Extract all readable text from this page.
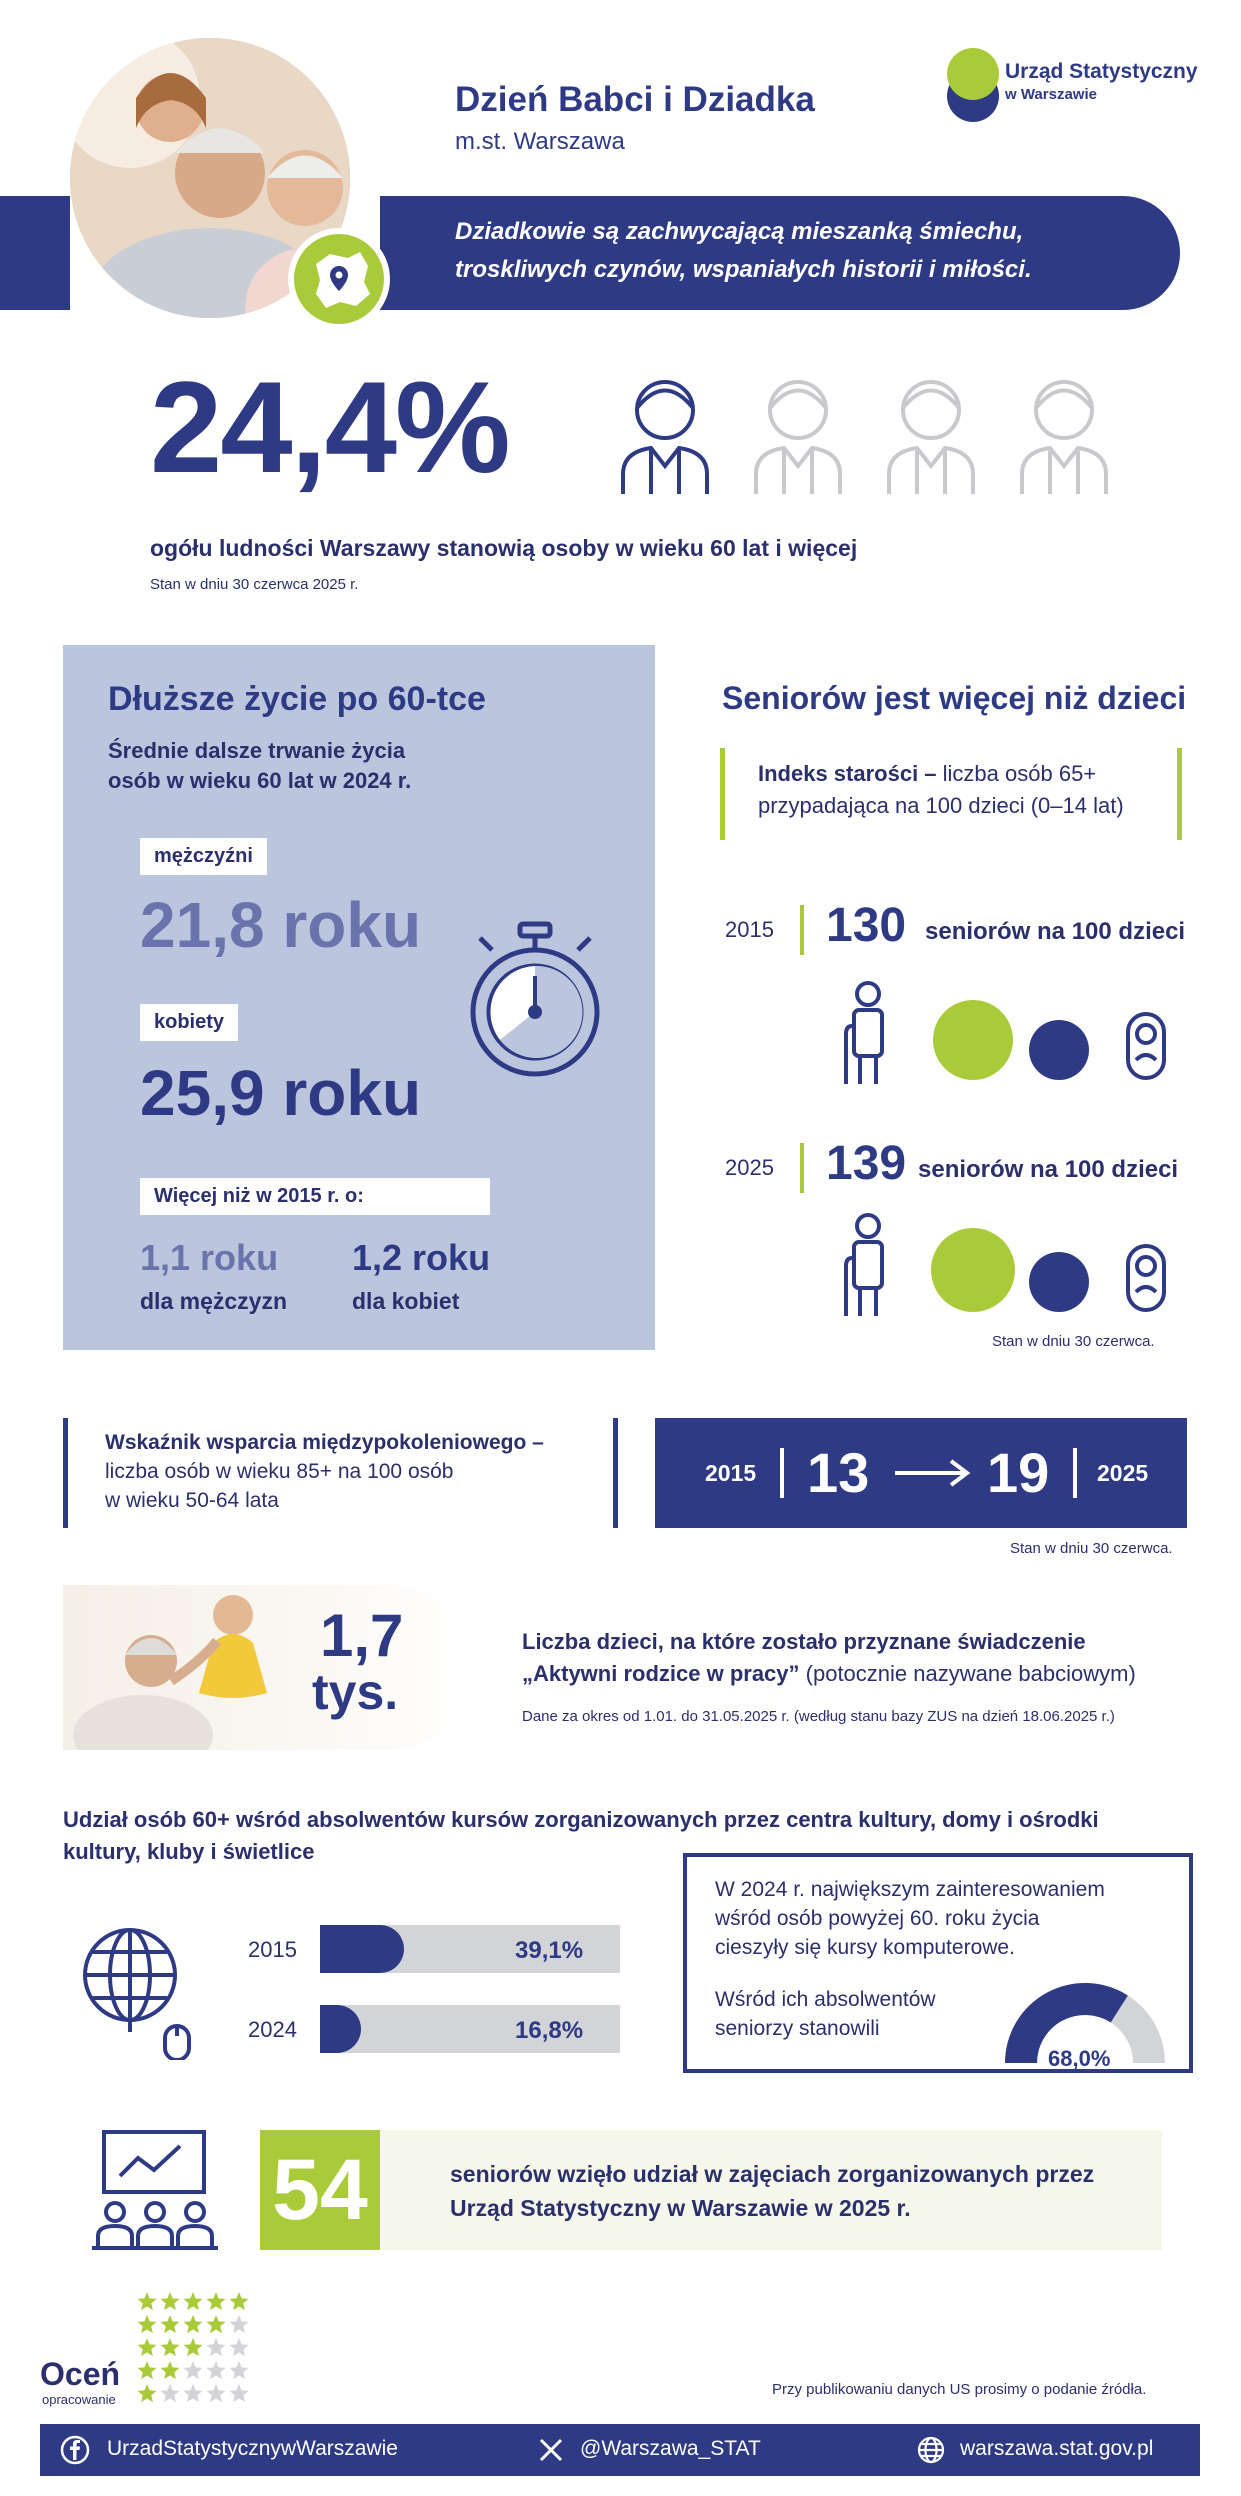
Dziadkowie są zachwycającą mieszanką śmiechu,
troskliwych czynów, wspaniałych historii i miłości.
Dzień Babci i Dziadka
m.st. Warszawa
Urząd Statystyczny
w Warszawie
24,4%
ogółu ludności Warszawy stanowią osoby w wieku 60 lat i więcej
Stan w dniu 30 czerwca 2025 r.
Dłuższe życie po 60-tce
Średnie dalsze trwanie życia
osób w wieku 60 lat w 2024 r.
mężczyźni
21,8 roku
kobiety
25,9 roku
Więcej niż w 2015 r. o:
1,1 roku
dla mężczyzn
1,2 roku
dla kobiet
Seniorów jest więcej niż dzieci
Indeks starości – liczba osób 65+
przypadająca na 100 dzieci (0–14 lat)
2015 130 seniorów na 100 dzieci
2025 139 seniorów na 100 dzieci
Stan w dniu 30 czerwca.
Wskaźnik wsparcia międzypokoleniowego –
liczba osób w wieku 85+ na 100 osób
w wieku 50-64 lata
2015 13 19 2025
Stan w dniu 30 czerwca.
1,7
tys.
Liczba dzieci, na które zostało przyznane świadczenie
„Aktywni rodzice w pracy” (potocznie nazywane babciowym)
Dane za okres od 1.01. do 31.05.2025 r. (według stanu bazy ZUS na dzień 18.06.2025 r.)
Udział osób 60+ wśród absolwentów kursów zorganizowanych przez centra kultury, domy i ośrodki
kultury, kluby i świetlice
2015	39,1%
2024	16,8%
W 2024 r. największym zainteresowaniem
wśród osób powyżej 60. roku życia
cieszyły się kursy komputerowe.
Wśród ich absolwentów
seniorzy stanowili
68,0%
54	seniorów wzięło udział w zajęciach zorganizowanych przez
Urząd Statystyczny w Warszawie w 2025 r.
Oceń
opracowanie
Przy publikowaniu danych US prosimy o podanie źródła.
UrzadStatystycznywWarszawie	@Warszawa_STAT	warszawa.stat.gov.pl
